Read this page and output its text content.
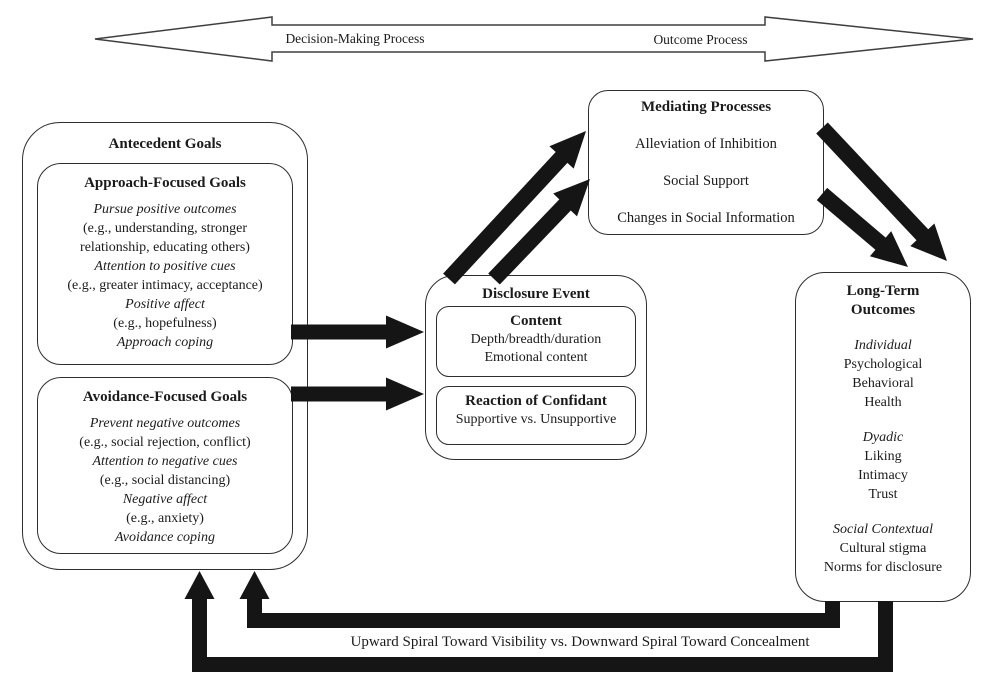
Decision-Making Process	Outcome Process
Antecedent Goals
Approach-Focused Goals
Pursue positive outcomes
(e.g., understanding, stronger
relationship, educating others)
Attention to positive cues
(e.g., greater intimacy, acceptance)
Positive affect
(e.g., hopefulness)
Approach coping
Avoidance-Focused Goals
Prevent negative outcomes
(e.g., social rejection, conflict)
Attention to negative cues
(e.g., social distancing)
Negative affect
(e.g., anxiety)
Avoidance coping
Disclosure Event
Content
Depth/breadth/duration
Emotional content
Reaction of Confidant
Supportive vs. Unsupportive
Mediating Processes
Alleviation of Inhibition
Social Support
Changes in Social Information
Long-Term
Outcomes
Individual
Psychological
Behavioral
Health
Dyadic
Liking
Intimacy
Trust
Social Contextual
Cultural stigma
Norms for disclosure
Upward Spiral Toward Visibility vs. Downward Spiral Toward Concealment
